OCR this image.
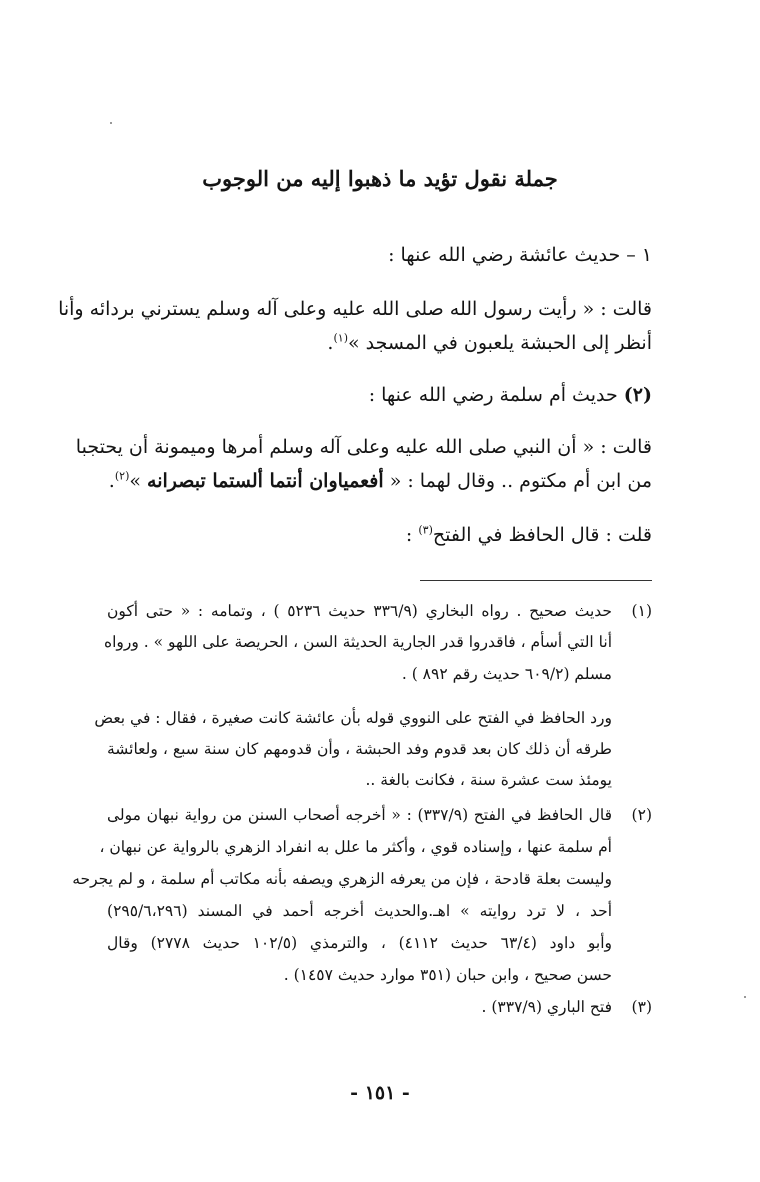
جملة نقول تؤيد ما ذهبوا إليه من الوجوب
١ – حديث عائشة رضي الله عنها :
قالت : « رأيت رسول الله صلى الله عليه وعلى آله وسلم يسترني بردائه وأنا
أنظر إلى الحبشة يلعبون في المسجد »$^{(١)}$.
(٢) حديث أم سلمة رضي الله عنها :
قالت : « أن النبي صلى الله عليه وعلى آله وسلم أمرها وميمونة أن يحتجبا
من ابن أم مكتوم .. وقال لهما : « أفعمياوان أنتما ألستما تبصرانه »$^{(٢)}$.
قلت : قال الحافظ في الفتح$^{(٣)}$ :
(١)
حديث صحيح . رواه البخاري (٣٣٦/٩ حديث ٥٢٣٦ ) ، وتمامه : « حتى أكون
أنا التي أسأم ، فاقدروا قدر الجارية الحديثة السن ، الحريصة على اللهو » . ورواه
مسلم (٦٠٩/٢ حديث رقم ٨٩٢ ) .
ورد الحافظ في الفتح على النووي قوله بأن عائشة كانت صغيرة ، فقال : في بعض
طرقه أن ذلك كان بعد قدوم وفد الحبشة ، وأن قدومهم كان سنة سبع ، ولعائشة
يومئذ ست عشرة سنة ، فكانت بالغة ..
(٢)
قال الحافظ في الفتح (٣٣٧/٩) : « أخرجه أصحاب السنن من رواية نبهان مولى
أم سلمة عنها ، وإسناده قوي ، وأكثر ما علل به انفراد الزهري بالرواية عن نبهان ،
وليست بعلة قادحة ، فإن من يعرفه الزهري ويصفه بأنه مكاتب أم سلمة ، و لم يجرحه
أحد ، لا ترد روايته » اهـ.والحديث أخرجه أحمد في المسند (٢٩٥/٦،٢٩٦)
وأبو داود (٦٣/٤ حديث ٤١١٢) ، والترمذي (١٠٢/٥ حديث ٢٧٧٨) وقال
حسن صحيح ، وابن حبان (٣٥١ موارد حديث ١٤٥٧) .
(٣)
فتح الباري (٣٣٧/٩) .
- ١٥١ -
